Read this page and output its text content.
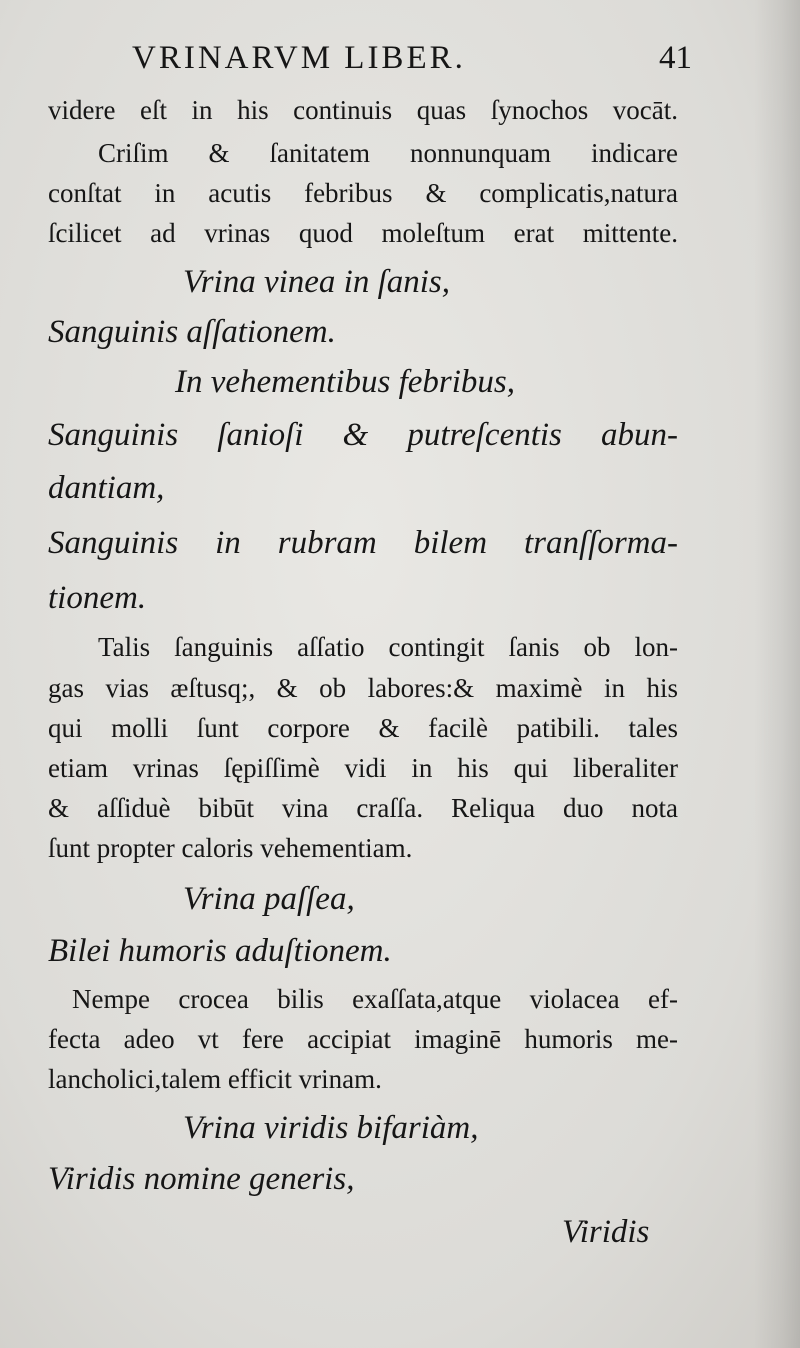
VRINARVM LIBER.	41
videre eſt in his continuis quas ſynochos vocāt.
Criſim & ſanitatem nonnunquam indicare
conſtat in acutis febribus & complicatis,natura
ſcilicet ad vrinas quod moleſtum erat mittente.
Vrina vinea in ſanis,
Sanguinis aſſationem.
In vehementibus febribus,
Sanguinis ſanioſi & putreſcentis abun-
dantiam,
Sanguinis in rubram bilem tranſſorma-
tionem.
Talis ſanguinis aſſatio contingit ſanis ob lon-
gas vias æſtusq;, & ob labores:& maximè in his
qui molli ſunt corpore & facilè patibili. tales
etiam vrinas ſępiſſimè vidi in his qui liberaliter
& aſſiduè bibūt vina craſſa. Reliqua duo nota
ſunt propter caloris vehementiam.
Vrina paſſea,
Bilei humoris aduſtionem.
Nempe crocea bilis exaſſata,atque violacea ef-
fecta adeo vt fere accipiat imaginē humoris me-
lancholici,talem efficit vrinam.
Vrina viridis bifariàm,
Viridis nomine generis,
Viridis
